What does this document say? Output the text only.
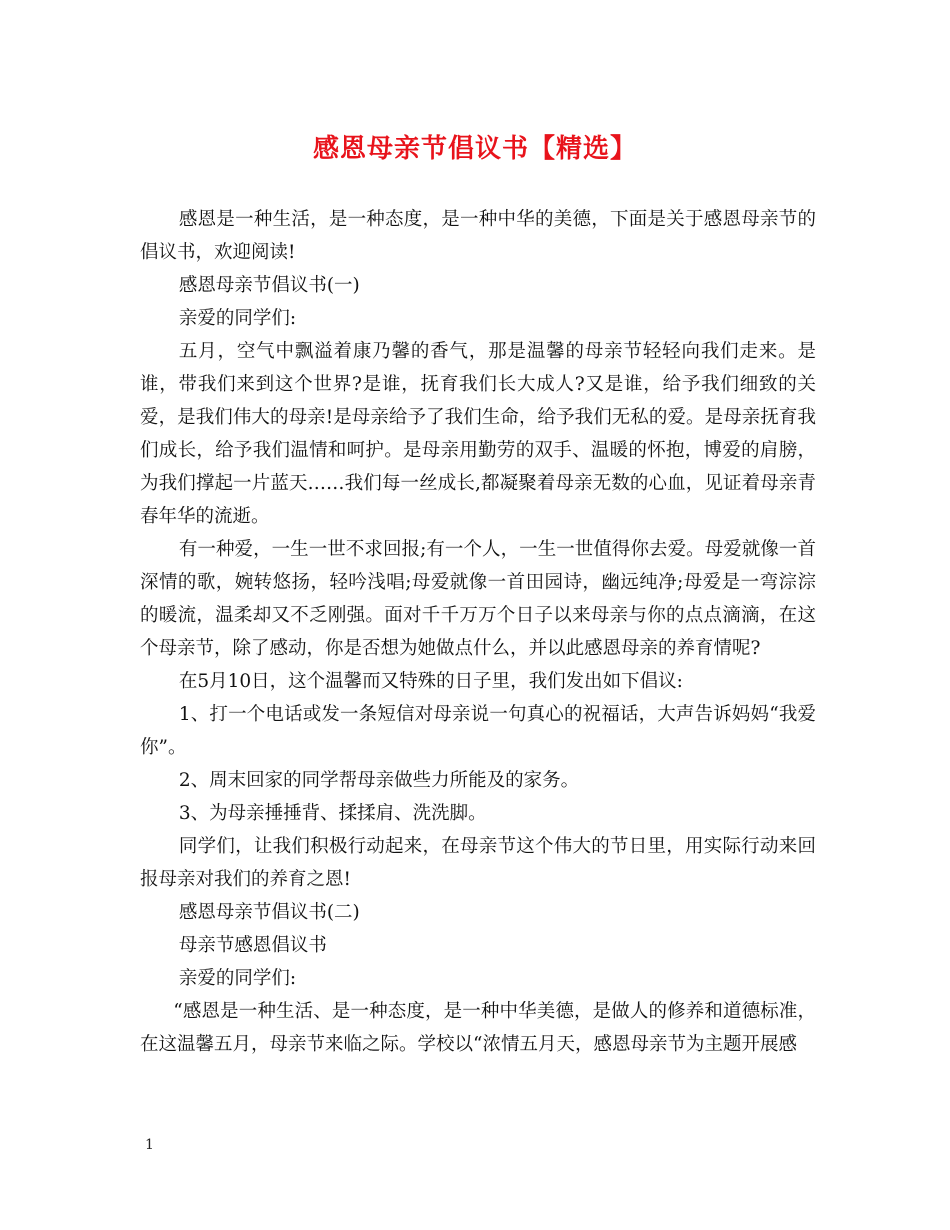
感恩母亲节倡议书【精选】

感恩是一种生活，是一种态度，是一种中华的美德，下面是关于感恩母亲节的倡议书，欢迎阅读!

感恩母亲节倡议书(一)

亲爱的同学们:

五月，空气中飘溢着康乃馨的香气，那是温馨的母亲节轻轻向我们走来。是谁，带我们来到这个世界?是谁，抚育我们长大成人?又是谁，给予我们细致的关爱，是我们伟大的母亲!是母亲给予了我们生命，给予我们无私的爱。是母亲抚育我们成长，给予我们温情和呵护。是母亲用勤劳的双手、温暖的怀抱，博爱的肩膀，为我们撑起一片蓝天……我们每一丝成长,都凝聚着母亲无数的心血，见证着母亲青春年华的流逝。

有一种爱，一生一世不求回报;有一个人，一生一世值得你去爱。母爱就像一首深情的歌，婉转悠扬，轻吟浅唱;母爱就像一首田园诗，幽远纯净;母爱是一弯淙淙的暖流，温柔却又不乏刚强。面对千千万万个日子以来母亲与你的点点滴滴，在这个母亲节，除了感动，你是否想为她做点什么，并以此感恩母亲的养育情呢?

在5月10日，这个温馨而又特殊的日子里，我们发出如下倡议:

1、打一个电话或发一条短信对母亲说一句真心的祝福话，大声告诉妈妈“我爱你”。

2、周末回家的同学帮母亲做些力所能及的家务。

3、为母亲捶捶背、揉揉肩、洗洗脚。

同学们，让我们积极行动起来，在母亲节这个伟大的节日里，用实际行动来回报母亲对我们的养育之恩!

感恩母亲节倡议书(二)

母亲节感恩倡议书

亲爱的同学们:

“感恩是一种生活、是一种态度，是一种中华美德，是做人的修养和道德标准，在这温馨五月，母亲节来临之际。学校以“浓情五月天，感恩母亲节为主题开展感

1
